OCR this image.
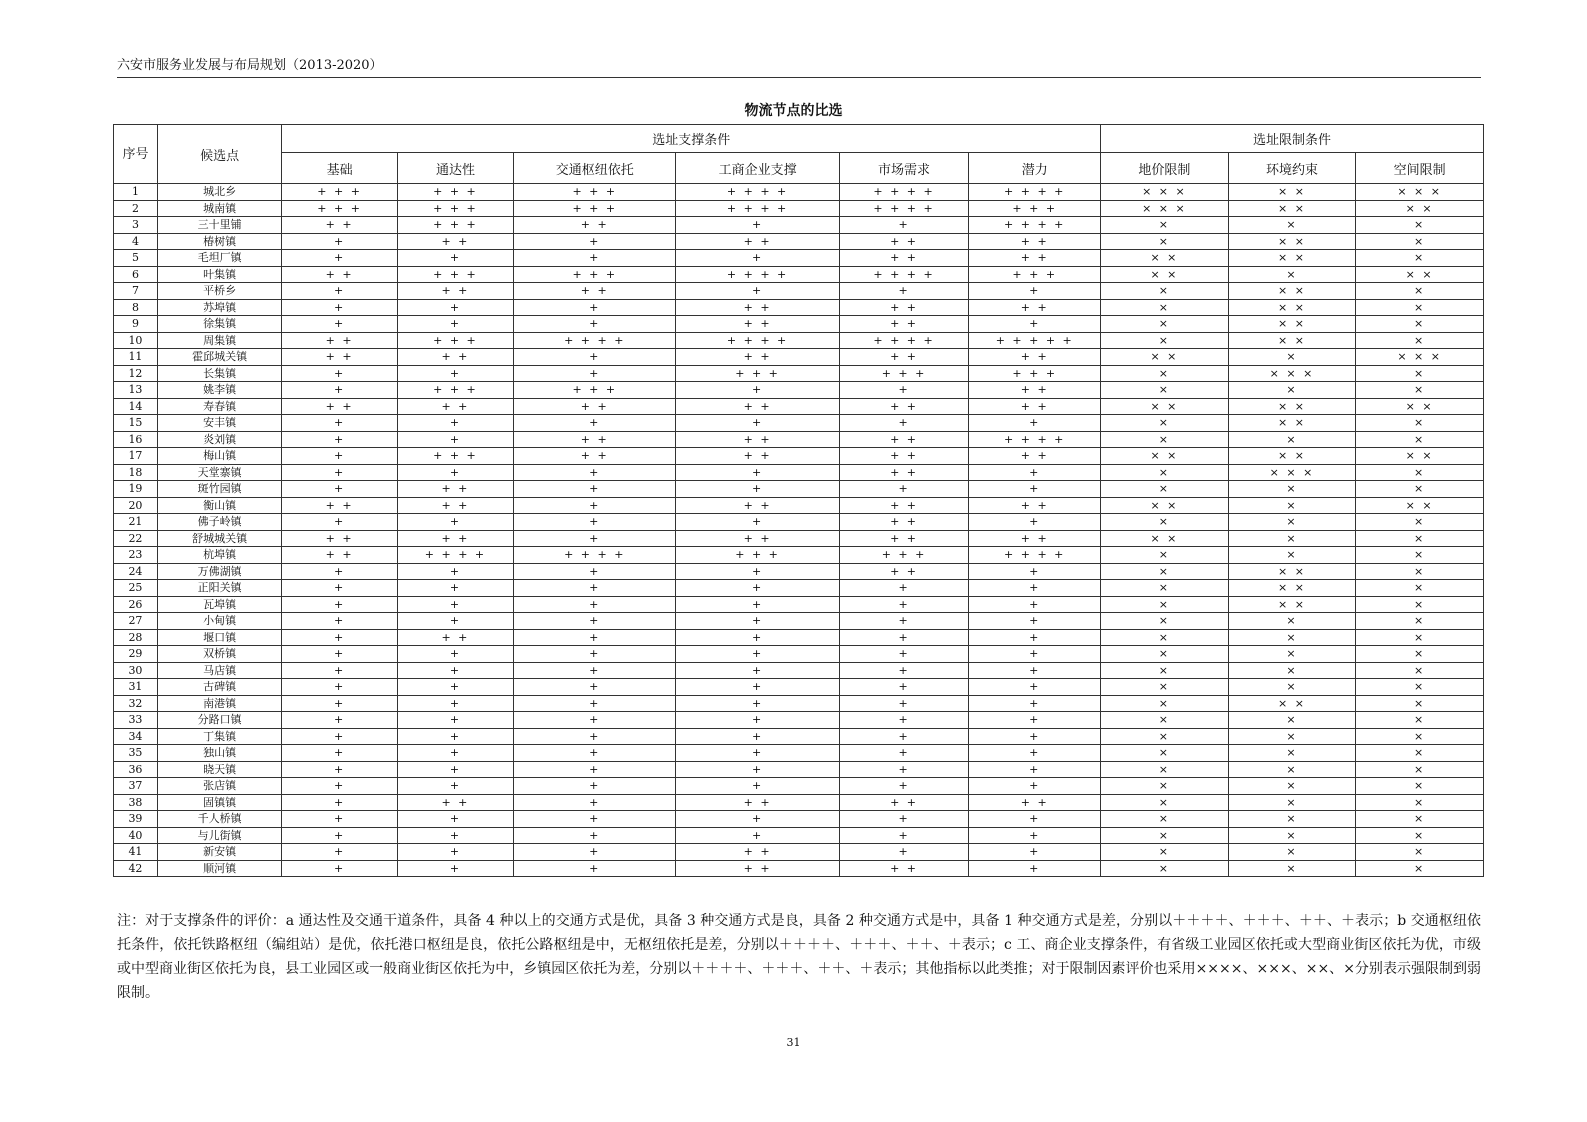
六安市服务业发展与布局规划（2013-2020）
物流节点的比选
序号	候选点	选址支撑条件						选址限制条件		
		基础	通达性	交通枢纽依托	工商企业支撑	市场需求	潜力	地价限制	环境约束	空间限制
1	城北乡	+ + +	+ + +	+ + +	+ + + +	+ + + +	+ + + +	× × ×	× ×	× × ×
2	城南镇	+ + +	+ + +	+ + +	+ + + +	+ + + +	+ + +	× × ×	× ×	× ×
3	三十里铺	+ +	+ + +	+ +	+	+	+ + + +	×	×	×
4	椿树镇	+	+ +	+	+ +	+ +	+ +	×	× ×	×
5	毛坦厂镇	+	+	+	+	+ +	+ +	× ×	× ×	×
6	叶集镇	+ +	+ + +	+ + +	+ + + +	+ + + +	+ + +	× ×	×	× ×
7	平桥乡	+	+ +	+ +	+	+	+	×	× ×	×
8	苏埠镇	+	+	+	+ +	+ +	+ +	×	× ×	×
9	徐集镇	+	+	+	+ +	+ +	+	×	× ×	×
10	周集镇	+ +	+ + +	+ + + +	+ + + +	+ + + +	+ + + + +	×	× ×	×
11	霍邱城关镇	+ +	+ +	+	+ +	+ +	+ +	× ×	×	× × ×
12	长集镇	+	+	+	+ + +	+ + +	+ + +	×	× × ×	×
13	姚李镇	+	+ + +	+ + +	+	+	+ +	×	×	×
14	寿春镇	+ +	+ +	+ +	+ +	+ +	+ +	× ×	× ×	× ×
15	安丰镇	+	+	+	+	+	+	×	× ×	×
16	炎刘镇	+	+	+ +	+ +	+ +	+ + + +	×	×	×
17	梅山镇	+	+ + +	+ +	+ +	+ +	+ +	× ×	× ×	× ×
18	天堂寨镇	+	+	+	+	+ +	+	×	× × ×	×
19	斑竹园镇	+	+ +	+	+	+	+	×	×	×
20	衡山镇	+ +	+ +	+	+ +	+ +	+ +	× ×	×	× ×
21	佛子岭镇	+	+	+	+	+ +	+	×	×	×
22	舒城城关镇	+ +	+ +	+	+ +	+ +	+ +	× ×	×	×
23	杭埠镇	+ +	+ + + +	+ + + +	+ + +	+ + +	+ + + +	×	×	×
24	万佛湖镇	+	+	+	+	+ +	+	×	× ×	×
25	正阳关镇	+	+	+	+	+	+	×	× ×	×
26	瓦埠镇	+	+	+	+	+	+	×	× ×	×
27	小甸镇	+	+	+	+	+	+	×	×	×
28	堰口镇	+	+ +	+	+	+	+	×	×	×
29	双桥镇	+	+	+	+	+	+	×	×	×
30	马店镇	+	+	+	+	+	+	×	×	×
31	古碑镇	+	+	+	+	+	+	×	×	×
32	南港镇	+	+	+	+	+	+	×	× ×	×
33	分路口镇	+	+	+	+	+	+	×	×	×
34	丁集镇	+	+	+	+	+	+	×	×	×
35	独山镇	+	+	+	+	+	+	×	×	×
36	晓天镇	+	+	+	+	+	+	×	×	×
37	张店镇	+	+	+	+	+	+	×	×	×
38	固镇镇	+	+ +	+	+ +	+ +	+ +	×	×	×
39	千人桥镇	+	+	+	+	+	+	×	×	×
40	与儿街镇	+	+	+	+	+	+	×	×	×
41	新安镇	+	+	+	+ +	+	+	×	×	×
42	顺河镇	+	+	+	+ +	+ +	+	×	×	×
注：对于支撑条件的评价：a 通达性及交通干道条件，具备 4 种以上的交通方式是优，具备 3 种交通方式是良，具备 2 种交通方式是中，具备 1 种交通方式是差，分别以＋＋＋＋、＋＋＋、＋＋、＋表示；b 交通枢纽依托条件，依托铁路枢纽（编组站）是优，依托港口枢纽是良，依托公路枢纽是中，无枢纽依托是差，分别以＋＋＋＋、＋＋＋、＋＋、＋表示；c 工、商企业支撑条件，有省级工业园区依托或大型商业街区依托为优，市级或中型商业街区依托为良，县工业园区或一般商业街区依托为中，乡镇园区依托为差，分别以＋＋＋＋、＋＋＋、＋＋、＋表示；其他指标以此类推；对于限制因素评价也采用××××、×××、××、×分别表示强限制到弱限制。
31
